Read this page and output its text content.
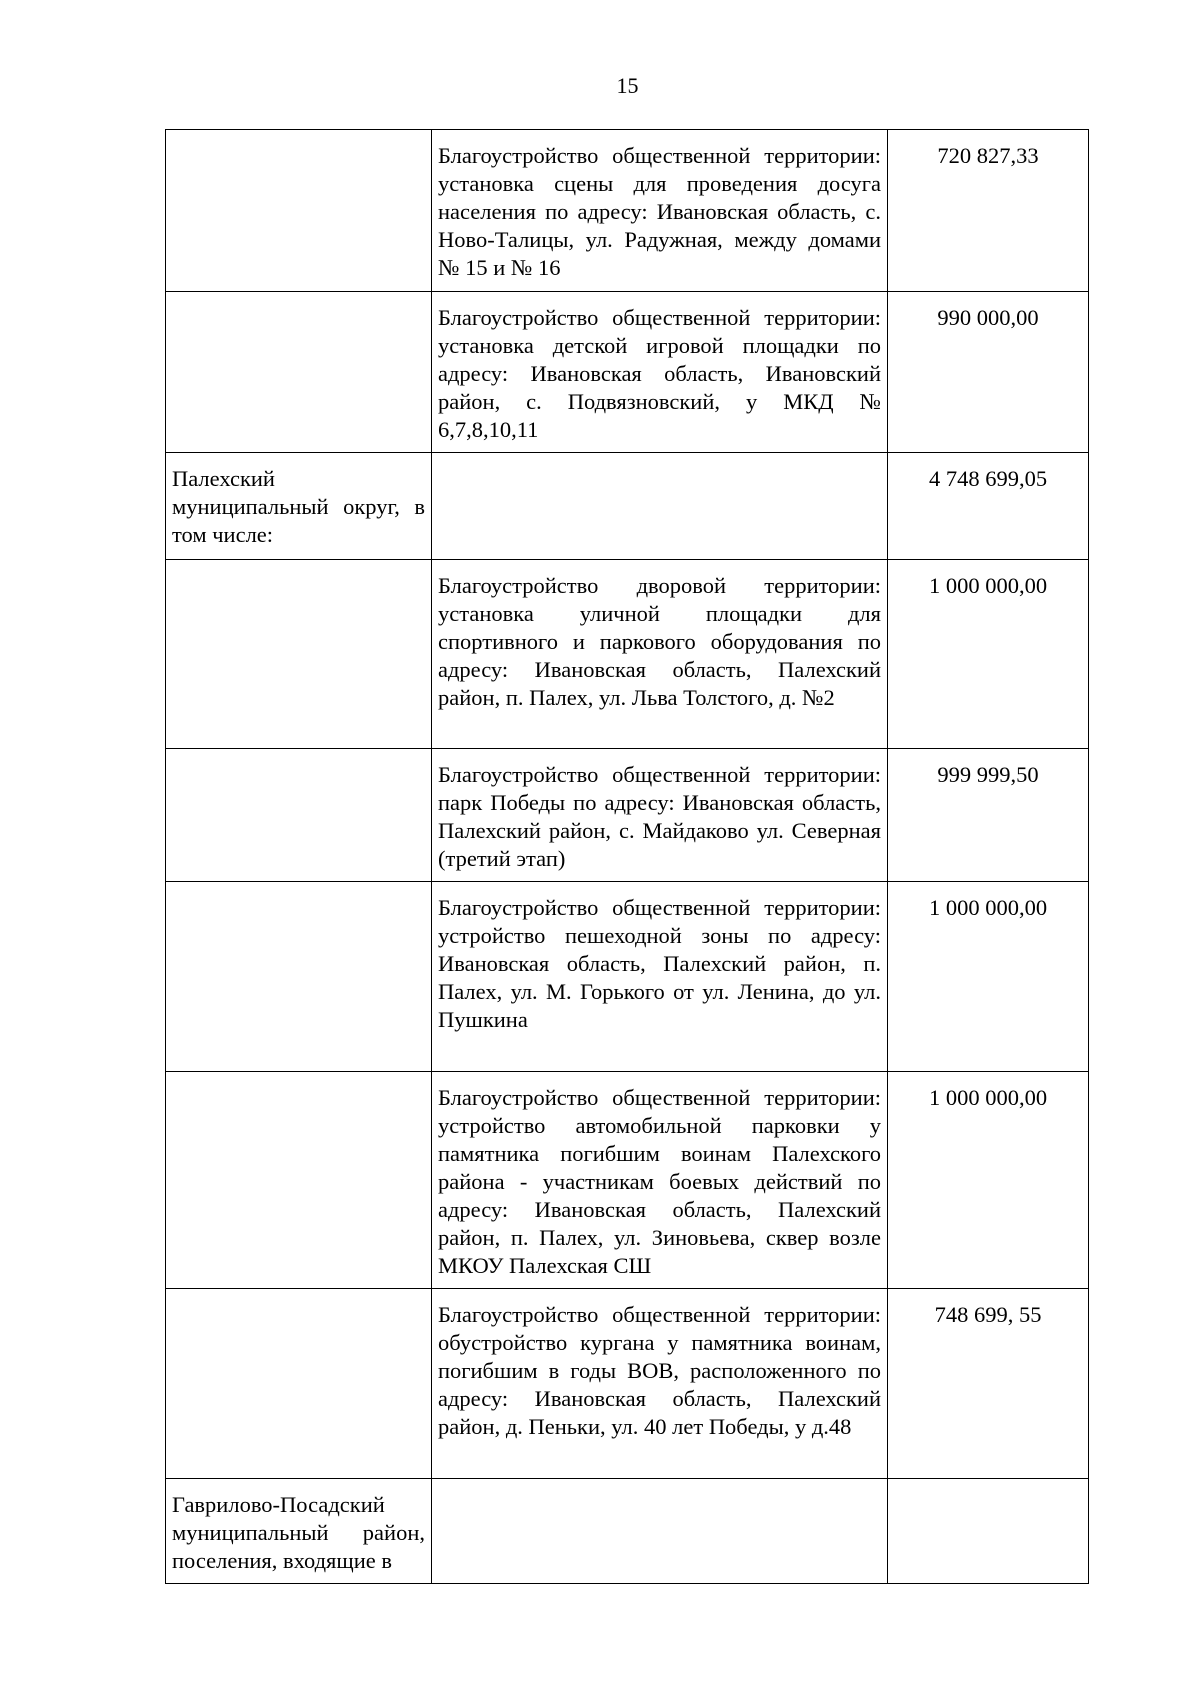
15

	Благоустройство общественной территории: установка сцены для проведения досуга населения по адресу: Ивановская область, с. Ново-Талицы, ул. Радужная, между домами № 15 и № 16	720 827,33

	Благоустройство общественной территории: установка детской игровой площадки по адресу: Ивановская область, Ивановский район, с. Подвязновский, у МКД № 6,7,8,10,11	990 000,00

Палехский муниципальный округ, в том числе:		4 748 699,05

	Благоустройство дворовой территории: установка уличной площадки для спортивного и паркового оборудования по адресу: Ивановская область, Палехский район, п. Палех, ул. Льва Толстого, д. №2	1 000 000,00

	Благоустройство общественной территории: парк Победы по адресу: Ивановская область, Палехский район, с. Майдаково ул. Северная (третий этап)	999 999,50

	Благоустройство общественной территории: устройство пешеходной зоны по адресу: Ивановская область, Палехский район, п. Палех, ул. М. Горького от ул. Ленина, до ул. Пушкина	1 000 000,00

	Благоустройство общественной территории: устройство автомобильной парковки у памятника погибшим воинам Палехского района - участникам боевых действий по адресу: Ивановская область, Палехский район, п. Палех, ул. Зиновьева, сквер возле МКОУ Палехская СШ	1 000 000,00

	Благоустройство общественной территории: обустройство кургана у памятника воинам, погибшим в годы ВОВ, расположенного по адресу: Ивановская область, Палехский район, д. Пеньки, ул. 40 лет Победы, у д.48	748 699, 55

Гаврилово-Посадский муниципальный район, поселения, входящие в		
